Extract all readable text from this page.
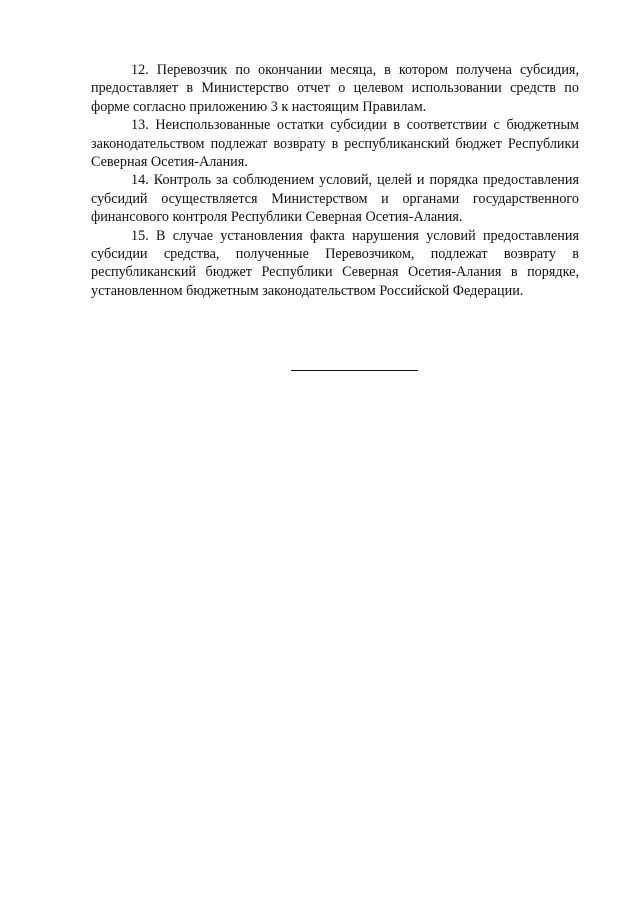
12. Перевозчик по окончании месяца, в котором получена субсидия, предоставляет в Министерство отчет о целевом использовании средств по форме согласно приложению 3 к настоящим Правилам.

13. Неиспользованные остатки субсидии в соответствии с бюджетным законодательством подлежат возврату в республиканский бюджет Республики Северная Осетия-Алания.

14. Контроль за соблюдением условий, целей и порядка предоставления субсидий осуществляется Министерством и органами государственного финансового контроля Республики Северная Осетия-Алания.

15. В случае установления факта нарушения условий предоставления субсидии средства, полученные Перевозчиком, подлежат возврату в республиканский бюджет Республики Северная Осетия-Алания в порядке, установленном бюджетным законодательством Российской Федерации.
